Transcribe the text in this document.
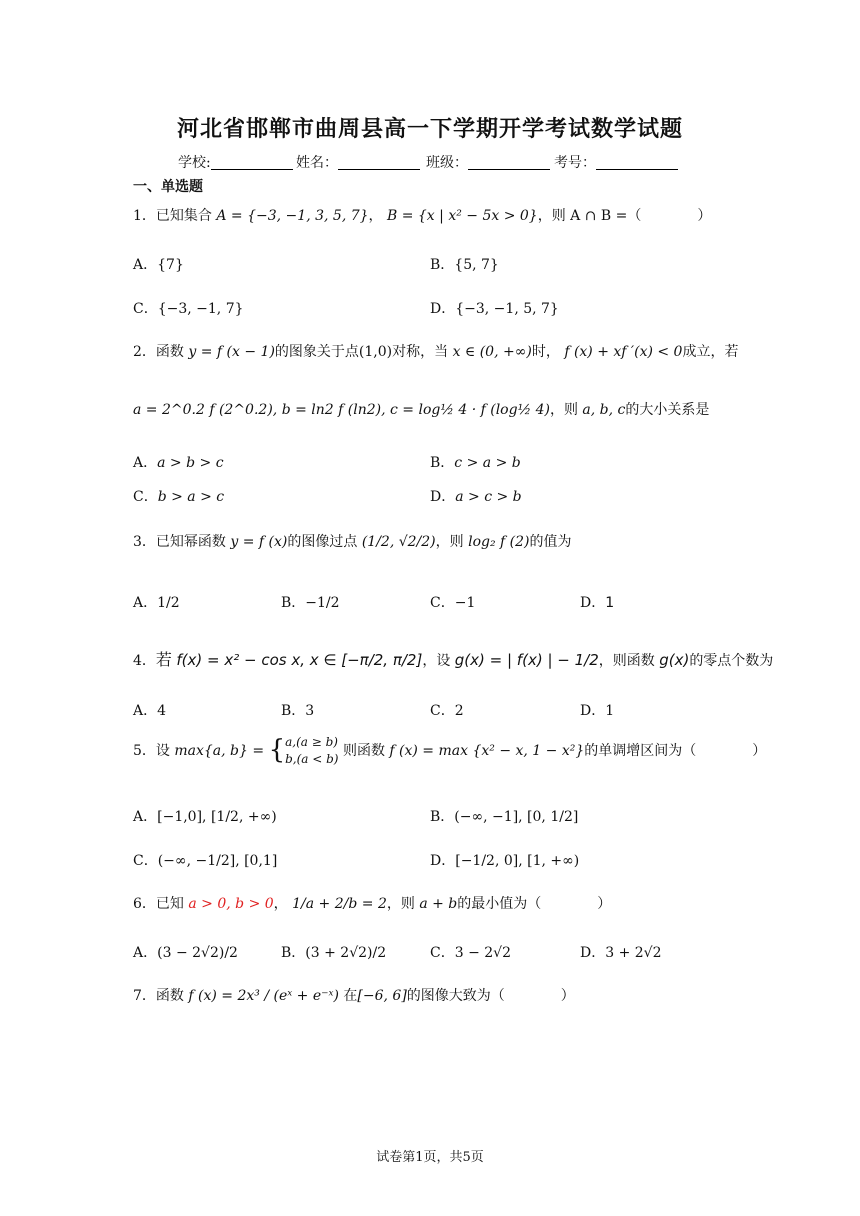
河北省邯郸市曲周县高一下学期开学考试数学试题
学校:	姓名：	班级：	考号：
一、单选题
1．已知集合 A = {−3, −1, 3, 5, 7}， B = {x | x² − 5x > 0}，则 A ∩ B =（　　　　）
A．{7}	B．{5, 7}
C．{−3, −1, 7}	D．{−3, −1, 5, 7}
2．函数 y = f (x − 1)的图象关于点(1,0)对称，当 x ∈ (0, +∞)时， f (x) + xf ′(x) < 0成立，若
a = 2^0.2 f (2^0.2), b = ln2 f (ln2), c = log½ 4 · f (log½ 4)，则 a, b, c的大小关系是
A．a > b > c	B．c > a > b
C．b > a > c	D．a > c > b
3．已知幂函数 y = f (x)的图像过点 (1/2, √2/2)，则 log₂ f (2)的值为
A．1/2	B．−1/2	C．−1	D．1
4．若 f(x) = x² − cos x, x ∈ [−π/2, π/2]，设 g(x) = | f(x) | − 1/2，则函数 g(x)的零点个数为
A．4	B．3	C．2	D．1
5．设 max{a, b} = { a,(a ≥ b)
b,(a < b) 则函数 f (x) = max {x² − x, 1 − x²}的单调增区间为（　　　　）
A．[−1,0], [1/2, +∞)	B．(−∞, −1], [0, 1/2]
C．(−∞, −1/2], [0,1]	D．[−1/2, 0], [1, +∞)
6．已知 a > 0, b > 0， 1/a + 2/b = 2，则 a + b的最小值为（　　　　）
A．(3 − 2√2)/2	B．(3 + 2√2)/2	C．3 − 2√2	D．3 + 2√2
7．函数 f (x) = 2x³ / (eˣ + e⁻ˣ) 在[−6, 6]的图像大致为（　　　　）
试卷第1页，共5页
